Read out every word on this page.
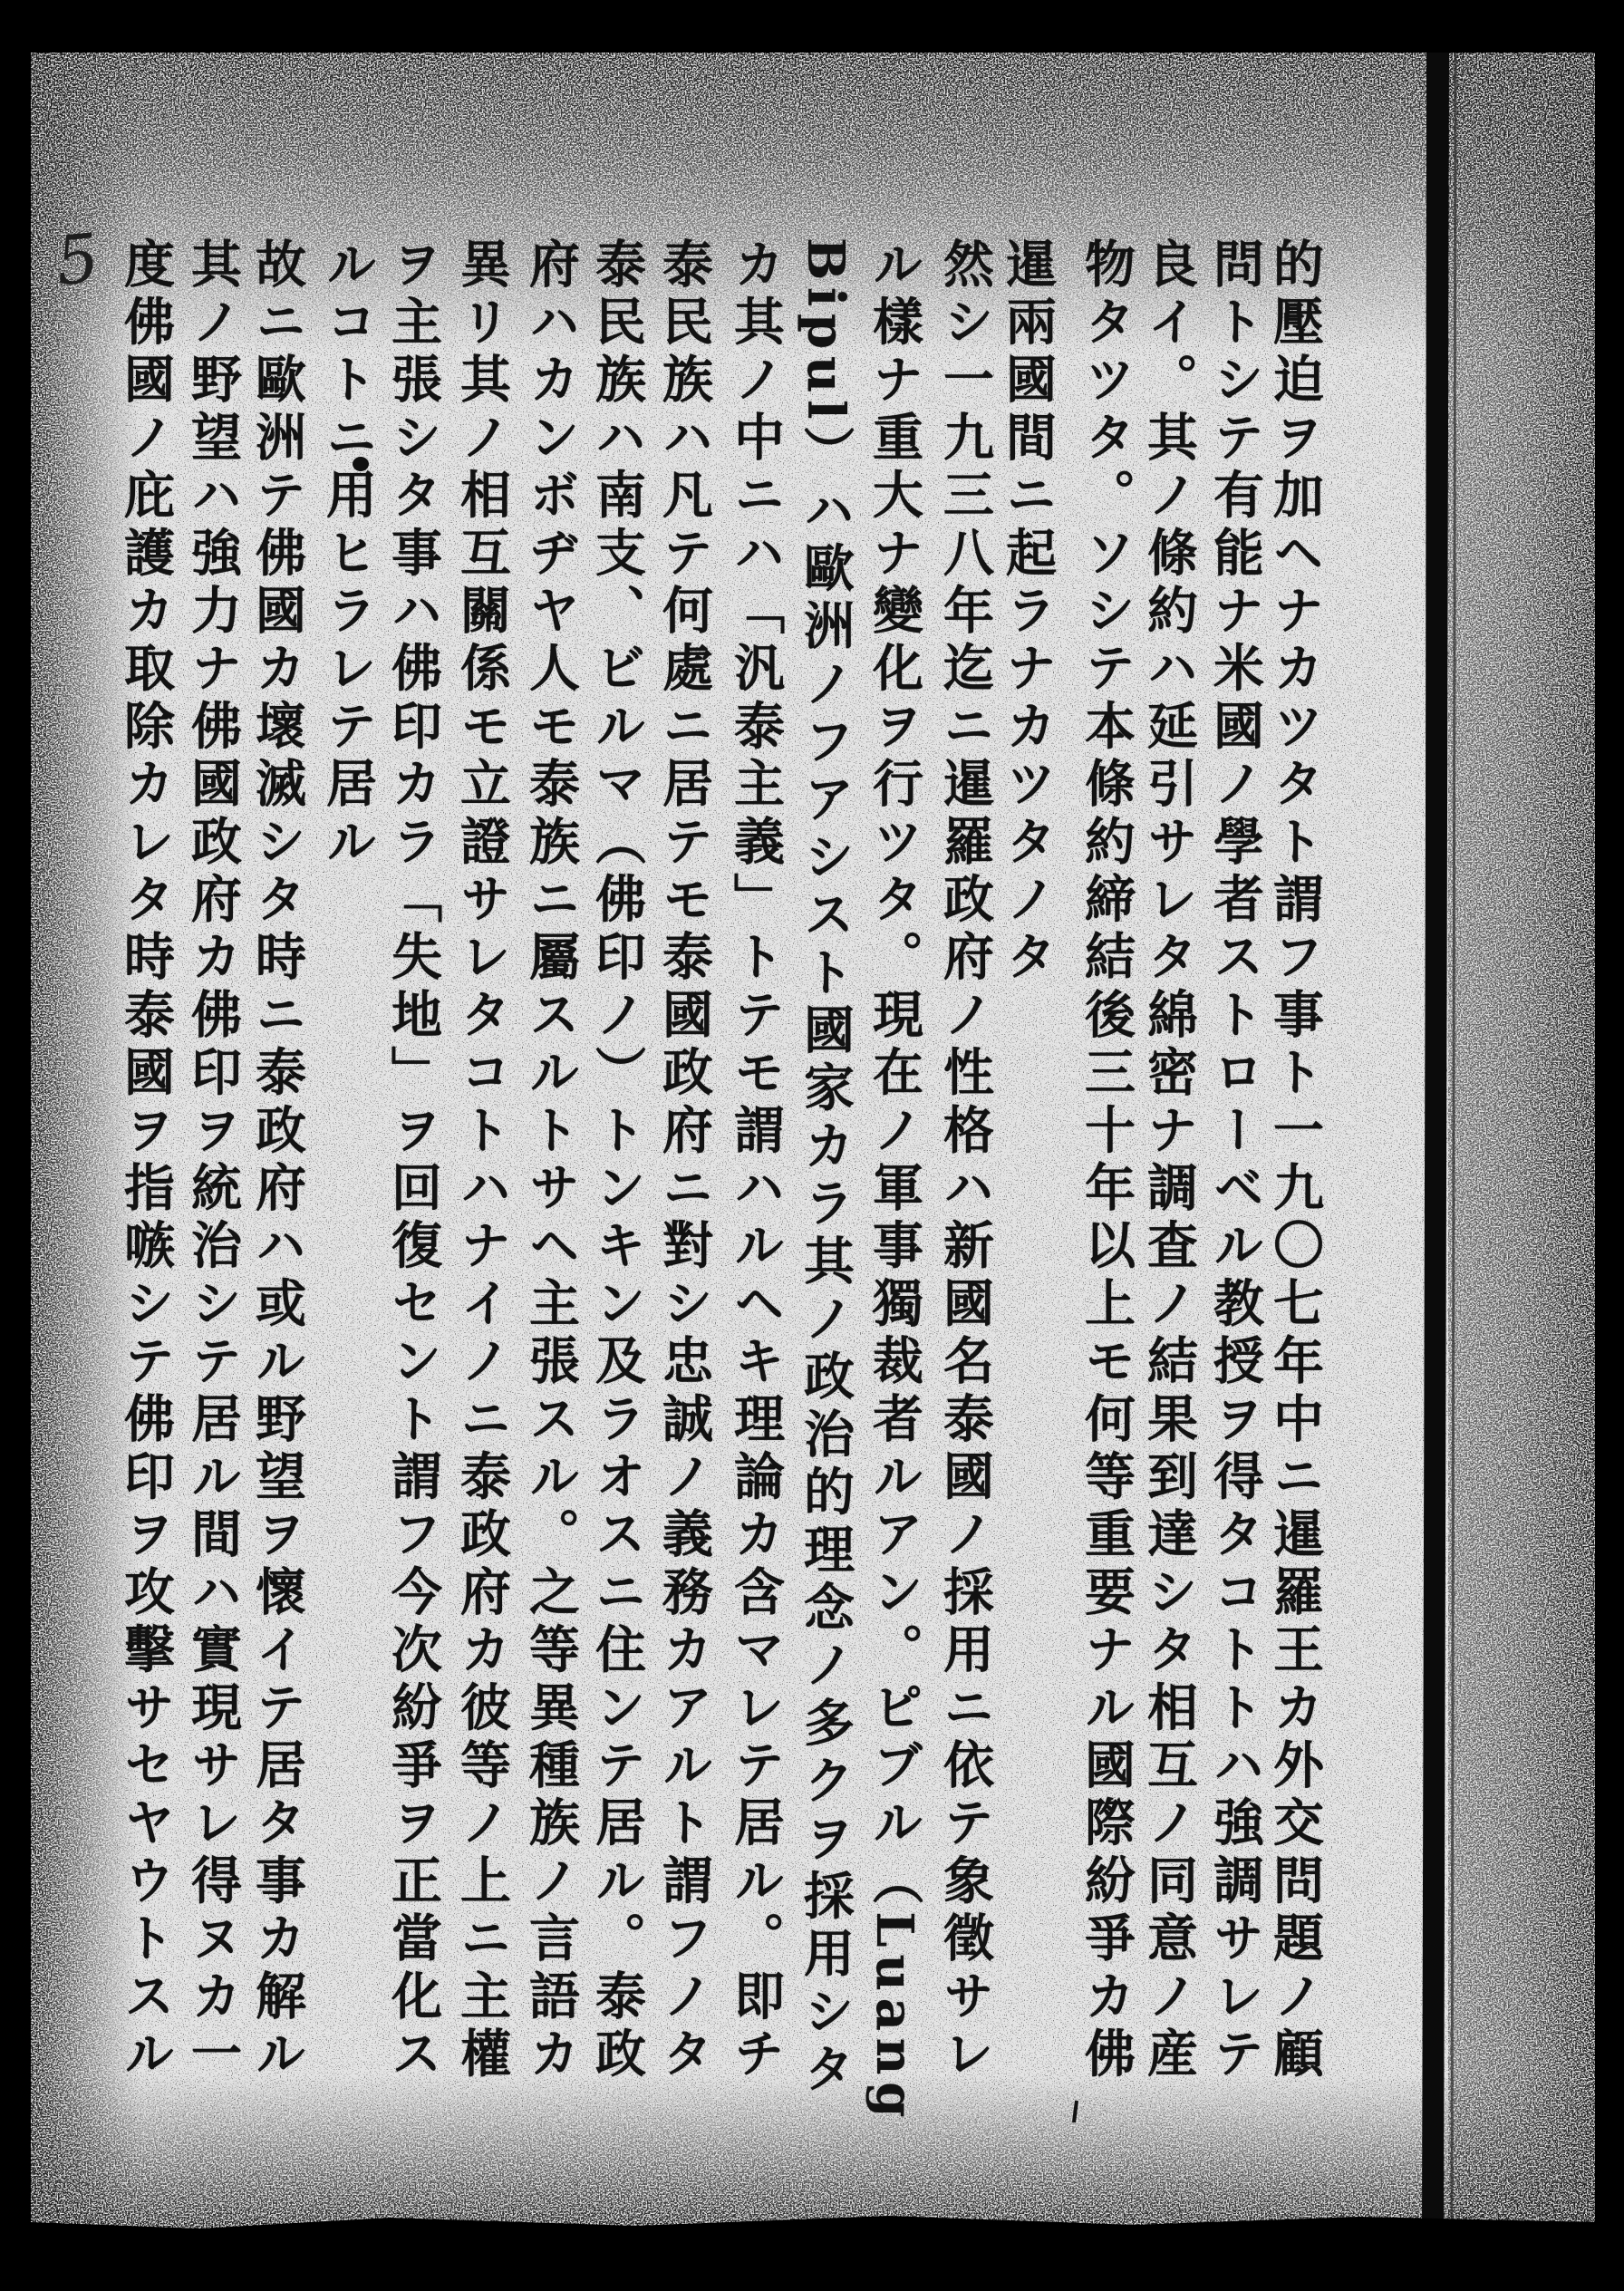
5	的壓迫ヲ加ヘナカツタト謂フ事ト一九〇七年中ニ暹羅王カ外交問題ノ顧
問トシテ有能ナ米國ノ學者ストローベル教授ヲ得タコトトハ強調サレテ
良イ。其ノ條約ハ延引サレタ綿密ナ調査ノ結果到達シタ相互ノ同意ノ産
物タツタ。ソシテ本條約締結後三十年以上モ何等重要ナル國際紛爭カ佛
暹兩國間ニ起ラナカツタノタ
然シ一九三八年迄ニ暹羅政府ノ性格ハ新國名泰國ノ採用ニ依テ象徵サレ
ル樣ナ重大ナ變化ヲ行ツタ。現在ノ軍事獨裁者ルアン。ピブル（Luang
Bipul）ハ歐洲ノフアシスト國家カラ其ノ政治的理念ノ多クヲ採用シタ
カ其ノ中ニハ「汎泰主義」トテモ謂ハルヘキ理論カ含マレテ居ル。即チ
泰民族ハ凡テ何處ニ居テモ泰國政府ニ對シ忠誠ノ義務カアルト謂フノタ
泰民族ハ南支、ビルマ（佛印ノ）トンキン及ラオスニ住ンテ居ル。泰政
府ハカンボヂヤ人モ泰族ニ屬スルトサヘ主張スル。之等異種族ノ言語カ
異リ其ノ相互關係モ立證サレタコトハナイノニ泰政府カ彼等ノ上ニ主權
ヲ主張シタ事ハ佛印カラ「失地」ヲ回復セント謂フ今次紛爭ヲ正當化ス
ルコトニ用ヒラレテ居ル
故ニ歐洲テ佛國カ壞滅シタ時ニ泰政府ハ或ル野望ヲ懷イテ居タ事カ解ル
其ノ野望ハ強力ナ佛國政府カ佛印ヲ統治シテ居ル間ハ實現サレ得ヌカ一
度佛國ノ庇護カ取除カレタ時泰國ヲ指嗾シテ佛印ヲ攻擊サセヤウトスル
